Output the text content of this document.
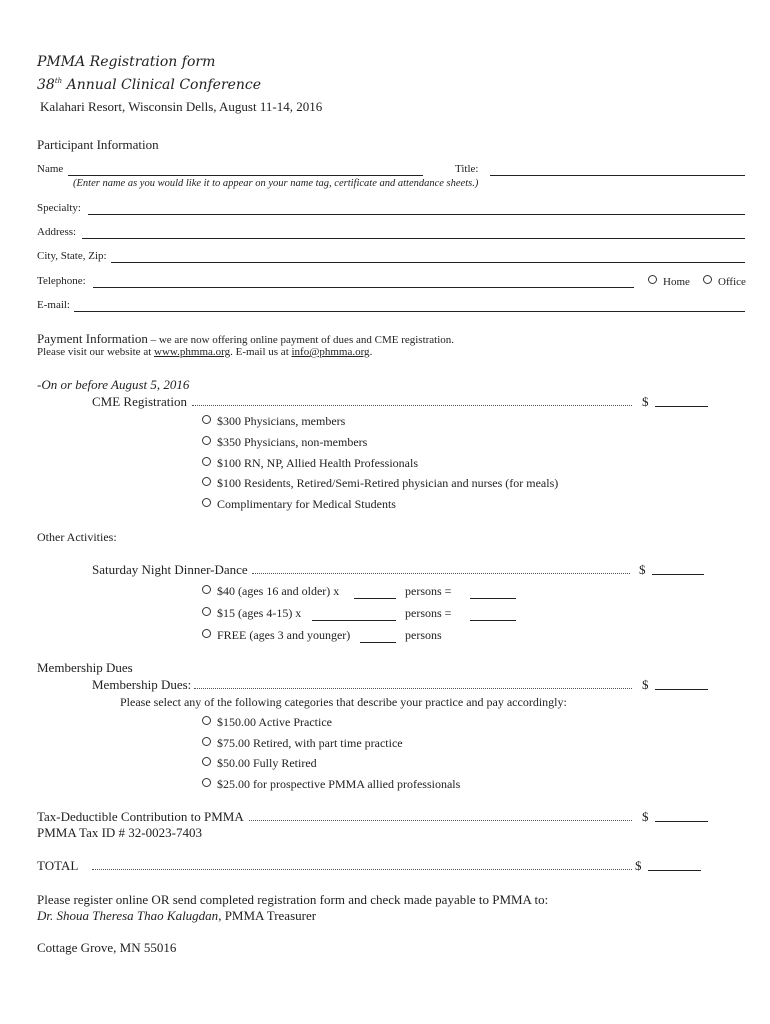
PMMA Registration form
38th Annual Clinical Conference
Kalahari Resort, Wisconsin Dells, August 11-14, 2016
Participant Information
Name	Title:
(Enter name as you would like it to appear on your name tag, certificate and attendance sheets.)
Specialty:
Address:
City, State, Zip:
Telephone:	Home	Office
E-mail:
Payment Information – we are now offering online payment of dues and CME registration.
Please visit our website at www.phmma.org. E-mail us at info@phmma.org.
-On or before August 5, 2016
CME Registration	$
$300 Physicians, members
$350 Physicians, non-members
$100 RN, NP, Allied Health Professionals
$100 Residents, Retired/Semi-Retired physician and nurses (for meals)
Complimentary for Medical Students
Other Activities:
Saturday Night Dinner-Dance	$
$40 (ages 16 and older) x	persons =
$15 (ages 4-15) x	persons =
FREE (ages 3 and younger)	persons
Membership Dues
Membership Dues:	$
Please select any of the following categories that describe your practice and pay accordingly:
$150.00 Active Practice
$75.00 Retired, with part time practice
$50.00 Fully Retired
$25.00 for prospective PMMA allied professionals
Tax-Deductible Contribution to PMMA	$
PMMA Tax ID # 32-0023-7403
TOTAL	$
Please register online OR send completed registration form and check made payable to PMMA to:
Dr. Shoua Theresa Thao Kalugdan, PMMA Treasurer
Cottage Grove, MN 55016
